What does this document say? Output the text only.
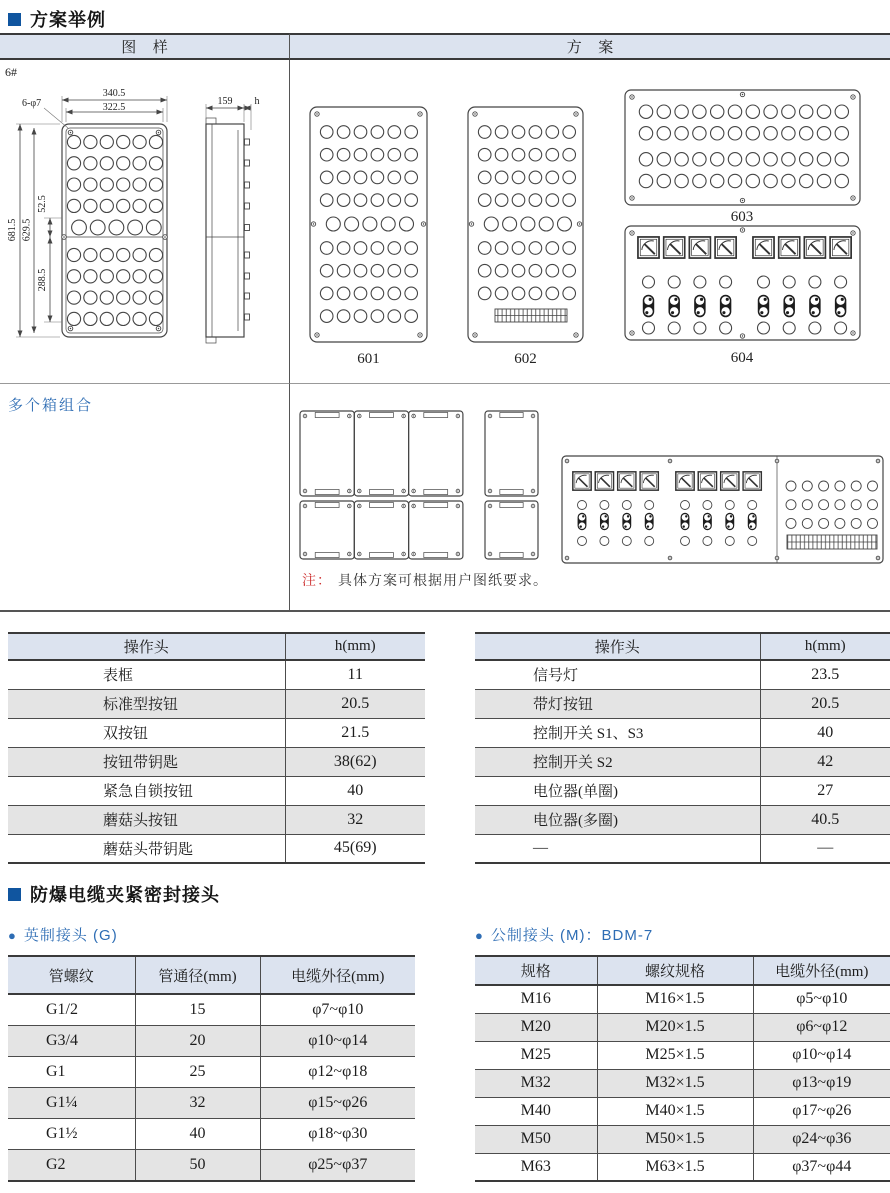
方案举例
图样	方案
6#
340.5
322.5
6-φ7
681.5 629.5
52.5
288.5
159 h
601	602
603
604
多个箱组合
注： 具体方案可根据用户图纸要求。
操作头	h(mm)
表框	11
标准型按钮	20.5
双按钮	21.5
按钮带钥匙	38(62)
紧急自锁按钮	40
蘑菇头按钮	32
蘑菇头带钥匙	45(69)
操作头	h(mm)
信号灯	23.5
带灯按钮	20.5
控制开关 S1、S3	40
控制开关 S2	42
电位器(单圈)	27
电位器(多圈)	40.5
—	—
防爆电缆夹紧密封接头
● 英制接头 (G)	● 公制接头 (M)：BDM-7
管螺纹	管通径(mm)	电缆外径(mm)
G1/2	15	φ7~φ10
G3/4	20	φ10~φ14
G1	25	φ12~φ18
G1¼	32	φ15~φ26
G1½	40	φ18~φ30
G2	50	φ25~φ37
规格	螺纹规格	电缆外径(mm)
M16	M16×1.5	φ5~φ10
M20	M20×1.5	φ6~φ12
M25	M25×1.5	φ10~φ14
M32	M32×1.5	φ13~φ19
M40	M40×1.5	φ17~φ26
M50	M50×1.5	φ24~φ36
M63	M63×1.5	φ37~φ44
